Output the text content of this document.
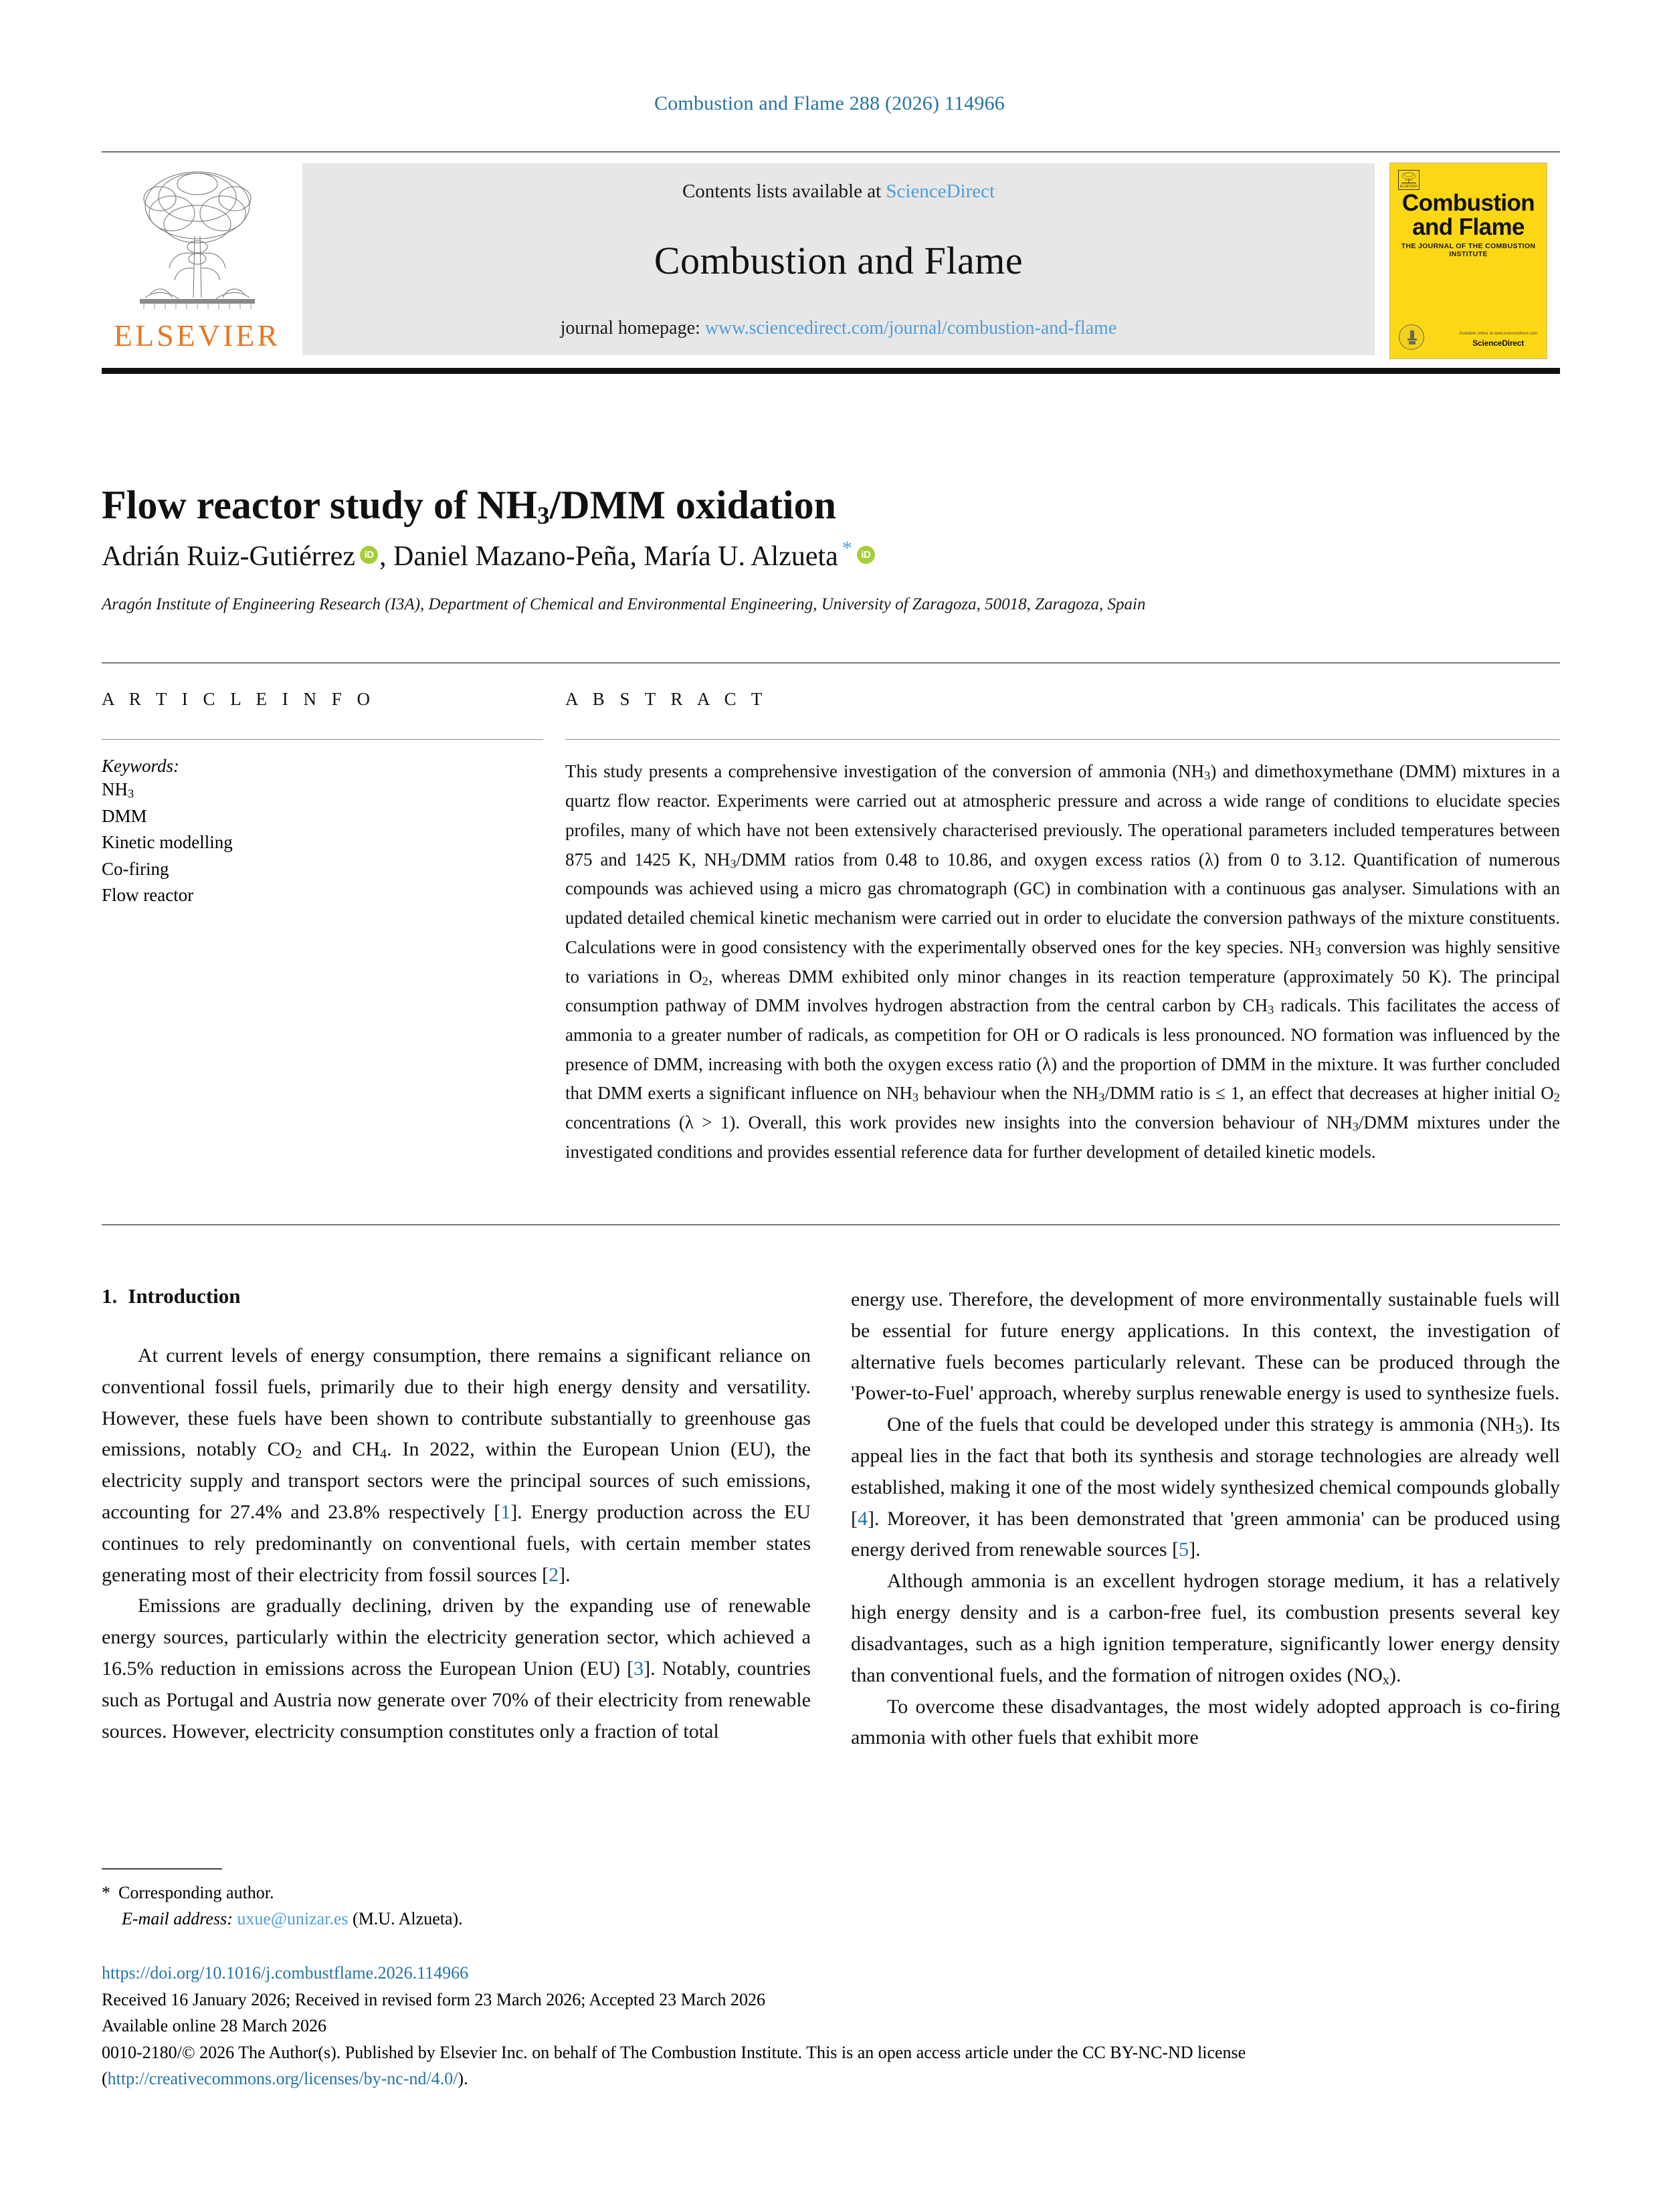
Combustion and Flame 288 (2026) 114966
ELSEVIER
Contents lists available at ScienceDirect
Combustion and Flame
journal homepage: www.sciencedirect.com/journal/combustion-and-flame
ELSEVIER
Combustion
and Flame
THE JOURNAL OF THE COMBUSTION INSTITUTE
Available online at www.sciencedirect.com
ScienceDirect
Flow reactor study of $NH_3$/DMM oxidation
Adrián Ruiz-Gutiérrez iD , Daniel Mazano-Peña, María U. Alzueta *iD
Aragón Institute of Engineering Research (I3A), Department of Chemical and Environmental Engineering, University of Zaragoza, 50018, Zaragoza, Spain
A R T I C L E I N F O
Keywords:
$NH_3$
DMM
Kinetic modelling
Co-firing
Flow reactor
A B S T R A C T
This study presents a comprehensive investigation of the conversion of ammonia $(NH_3)$ and dimethoxymethane (DMM) mixtures in a quartz flow reactor. Experiments were carried out at atmospheric pressure and across a wide range of conditions to elucidate species profiles, many of which have not been extensively characterised previously. The operational parameters included temperatures between 875 and 1425 K, $NH_3$/DMM ratios from 0.48 to 10.86, and oxygen excess ratios (λ) from 0 to 3.12. Quantification of numerous compounds was achieved using a micro gas chromatograph (GC) in combination with a continuous gas analyser. Simulations with an updated detailed chemical kinetic mechanism were carried out in order to elucidate the conversion pathways of the mixture constituents. Calculations were in good consistency with the experimentally observed ones for the key species. $NH_3$ conversion was highly sensitive to variations in $O_2$, whereas DMM exhibited only minor changes in its reaction temperature (approximately 50 K). The principal consumption pathway of DMM involves hydrogen abstraction from the central carbon by $CH_3$ radicals. This facilitates the access of ammonia to a greater number of radicals, as competition for OH or O radicals is less pronounced. NO formation was influenced by the presence of DMM, increasing with both the oxygen excess ratio (λ) and the proportion of DMM in the mixture. It was further concluded that DMM exerts a significant influence on $NH_3$ behaviour when the $NH_3$/DMM ratio is ≤ 1, an effect that decreases at higher initial $O_2$ concentrations (λ > 1). Overall, this work provides new insights into the conversion behaviour of $NH_3$/DMM mixtures under the investigated conditions and provides essential reference data for further development of detailed kinetic models.
1. Introduction

At current levels of energy consumption, there remains a significant reliance on conventional fossil fuels, primarily due to their high energy density and versatility. However, these fuels have been shown to contribute substantially to greenhouse gas emissions, notably $CO_2$ and $CH_4$. In 2022, within the European Union (EU), the electricity supply and transport sectors were the principal sources of such emissions, accounting for 27.4% and 23.8% respectively [1]. Energy production across the EU continues to rely predominantly on conventional fuels, with certain member states generating most of their electricity from fossil sources [2].

Emissions are gradually declining, driven by the expanding use of renewable energy sources, particularly within the electricity generation sector, which achieved a 16.5% reduction in emissions across the European Union (EU) [3]. Notably, countries such as Portugal and Austria now generate over 70% of their electricity from renewable sources. However, electricity consumption constitutes only a fraction of total

energy use. Therefore, the development of more environmentally sustainable fuels will be essential for future energy applications. In this context, the investigation of alternative fuels becomes particularly relevant. These can be produced through the 'Power-to-Fuel' approach, whereby surplus renewable energy is used to synthesize fuels.

One of the fuels that could be developed under this strategy is ammonia $(NH_3)$. Its appeal lies in the fact that both its synthesis and storage technologies are already well established, making it one of the most widely synthesized chemical compounds globally [4]. Moreover, it has been demonstrated that 'green ammonia' can be produced using energy derived from renewable sources [5].

Although ammonia is an excellent hydrogen storage medium, it has a relatively high energy density and is a carbon-free fuel, its combustion presents several key disadvantages, such as a high ignition temperature, significantly lower energy density than conventional fuels, and the formation of nitrogen oxides $(NO_x)$.

To overcome these disadvantages, the most widely adopted approach is co-firing ammonia with other fuels that exhibit more

* Corresponding author.
E-mail address: uxue@unizar.es (M.U. Alzueta).
https://doi.org/10.1016/j.combustflame.2026.114966
Received 16 January 2026; Received in revised form 23 March 2026; Accepted 23 March 2026
Available online 28 March 2026
0010-2180/© 2026 The Author(s). Published by Elsevier Inc. on behalf of The Combustion Institute. This is an open access article under the CC BY-NC-ND license
(http://creativecommons.org/licenses/by-nc-nd/4.0/).
